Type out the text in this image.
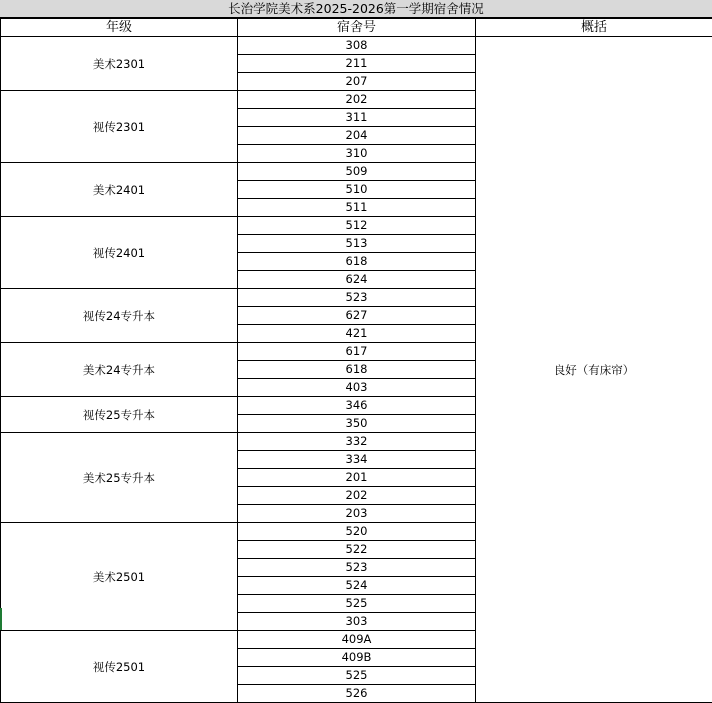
长治学院美术系2025-2026第一学期宿舍情况
年级	宿舍号	概括
美术2301	308	良好（有床帘）
	211	
	207	
视传2301	202	
	311	
	204	
	310	
美术2401	509	
	510	
	511	
视传2401	512	
	513	
	618	
	624	
视传24专升本	523	
	627	
	421	
美术24专升本	617	
	618	
	403	
视传25专升本	346	
	350	
美术25专升本	332	
	334	
	201	
	202	
	203	
美术2501	520	
	522	
	523	
	524	
	525	
	303	
视传2501	409A	
	409B	
	525	
	526	
